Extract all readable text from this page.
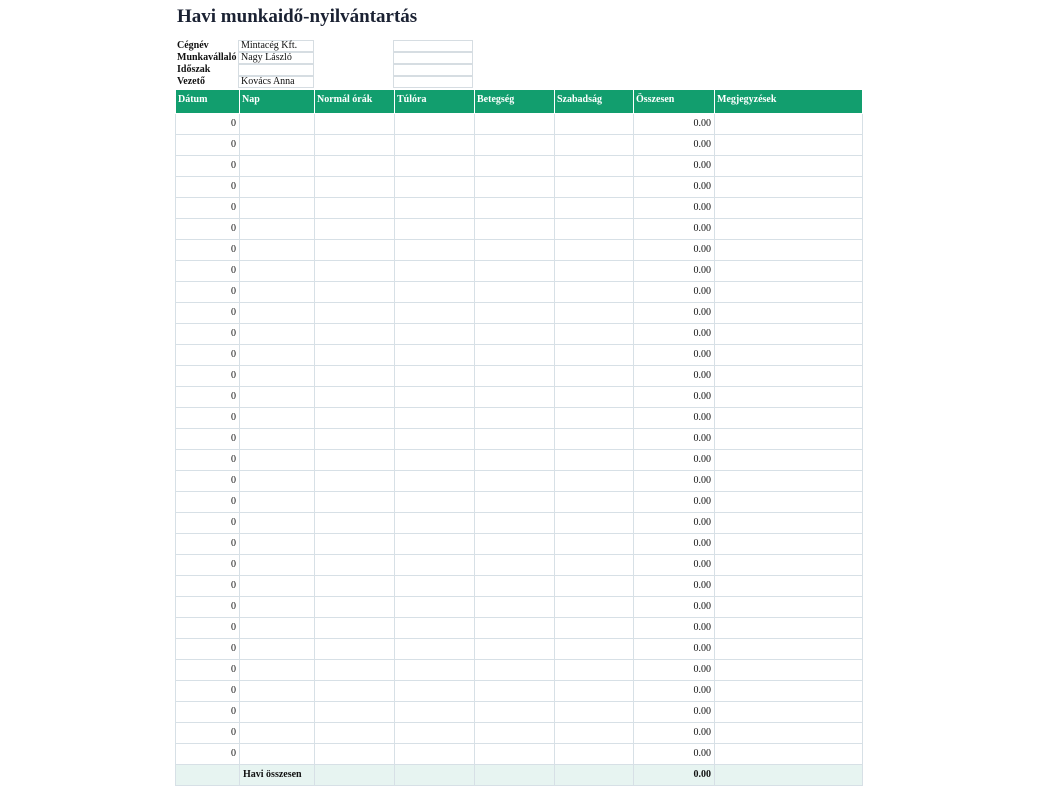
Havi munkaidő-nyilvántartás
Cégnév	Mintacég Kft.
Munkavállaló Nagy László
Időszak
Vezető	Kovács Anna
Dátum	Nap	Normál órák	Túlóra	Betegség	Szabadság	Összesen	Megjegyzések
0						0.00	
0						0.00	
0						0.00	
0						0.00	
0						0.00	
0						0.00	
0						0.00	
0						0.00	
0						0.00	
0						0.00	
0						0.00	
0						0.00	
0						0.00	
0						0.00	
0						0.00	
0						0.00	
0						0.00	
0						0.00	
0						0.00	
0						0.00	
0						0.00	
0						0.00	
0						0.00	
0						0.00	
0						0.00	
0						0.00	
0						0.00	
0						0.00	
0						0.00	
0						0.00	
0						0.00	
	Havi összesen					0.00	
